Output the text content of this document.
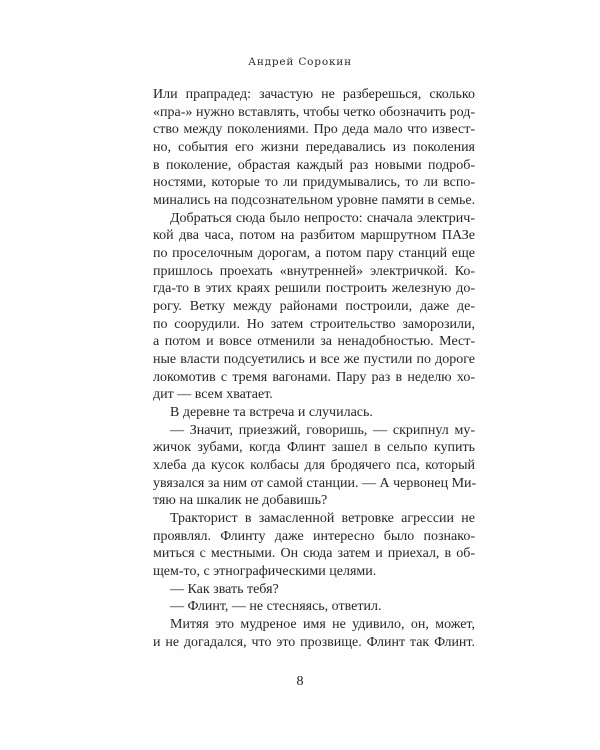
Андрей Сорокин
Или прапрадед: зачастую не разберешься, сколько
«пра-» нужно вставлять, чтобы четко обозначить род-
ство между поколениями. Про деда мало что извест-
но, события его жизни передавались из поколения
в поколение, обрастая каждый раз новыми подроб-
ностями, которые то ли придумывались, то ли вспо-
минались на подсознательном уровне памяти в семье.
Добраться сюда было непросто: сначала электрич-
кой два часа, потом на разбитом маршрутном ПАЗе
по проселочным дорогам, а потом пару станций еще
пришлось проехать «внутренней» электричкой. Ко-
гда-то в этих краях решили построить железную до-
рогу. Ветку между районами построили, даже де-
по соорудили. Но затем строительство заморозили,
а потом и вовсе отменили за ненадобностью. Мест-
ные власти подсуетились и все же пустили по дороге
локомотив с тремя вагонами. Пару раз в неделю хо-
дит — всем хватает.
В деревне та встреча и случилась.
— Значит, приезжий, говоришь, — скрипнул му-
жичок зубами, когда Флинт зашел в сельпо купить
хлеба да кусок колбасы для бродячего пса, который
увязался за ним от самой станции. — А червонец Ми-
тяю на шкалик не добавишь?
Тракторист в замасленной ветровке агрессии не
проявлял. Флинту даже интересно было познако-
миться с местными. Он сюда затем и приехал, в об-
щем-то, с этнографическими целями.
— Как звать тебя?
— Флинт, — не стесняясь, ответил.
Митяя это мудреное имя не удивило, он, может,
и не догадался, что это прозвище. Флинт так Флинт.
8
